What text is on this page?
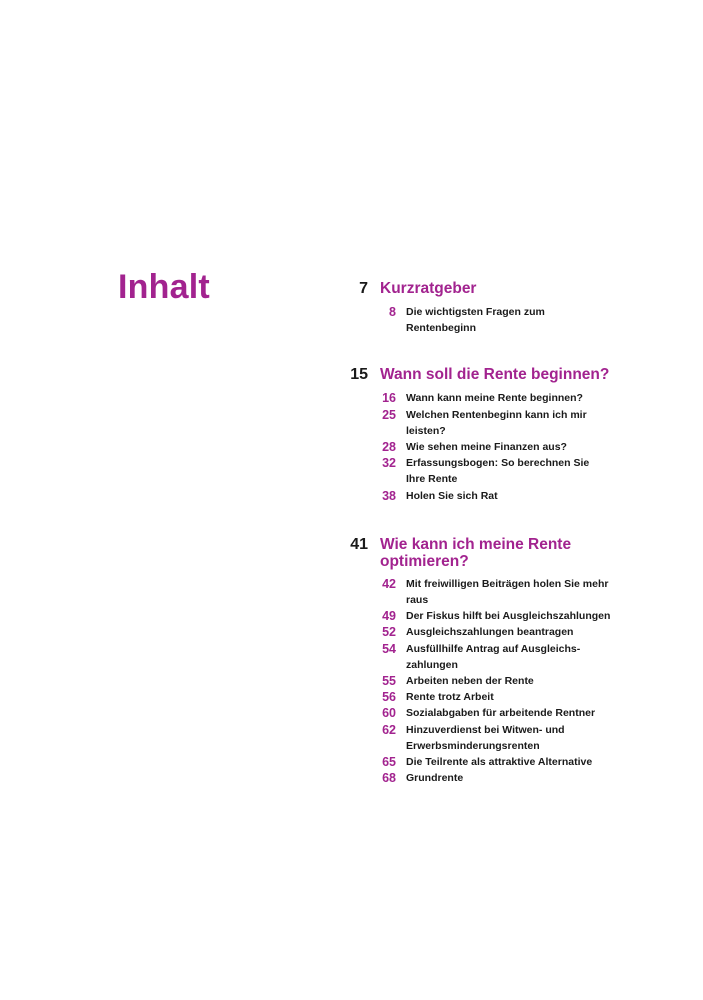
Inhalt	7 Kurzratgeber
8 Die wichtigsten Fragen zum Rentenbeginn
15 Wann soll die Rente beginnen?
16 Wann kann meine Rente beginnen?
25 Welchen Rentenbeginn kann ich mir leisten?
28 Wie sehen meine Finanzen aus?
32 Erfassungsbogen: So berechnen Sie Ihre Rente
38 Holen Sie sich Rat
41 Wie kann ich meine Rente optimieren?
42 Mit freiwilligen Beiträgen holen Sie mehr raus
49 Der Fiskus hilft bei Ausgleichszahlungen
52 Ausgleichszahlungen beantragen
54 Ausfüllhilfe Antrag auf Ausgleichs-zahlungen
55 Arbeiten neben der Rente
56 Rente trotz Arbeit
60 Sozialabgaben für arbeitende Rentner
62 Hinzuverdienst bei Witwen- und Erwerbsminderungsrenten
65 Die Teilrente als attraktive Alternative
68 Grundrente
